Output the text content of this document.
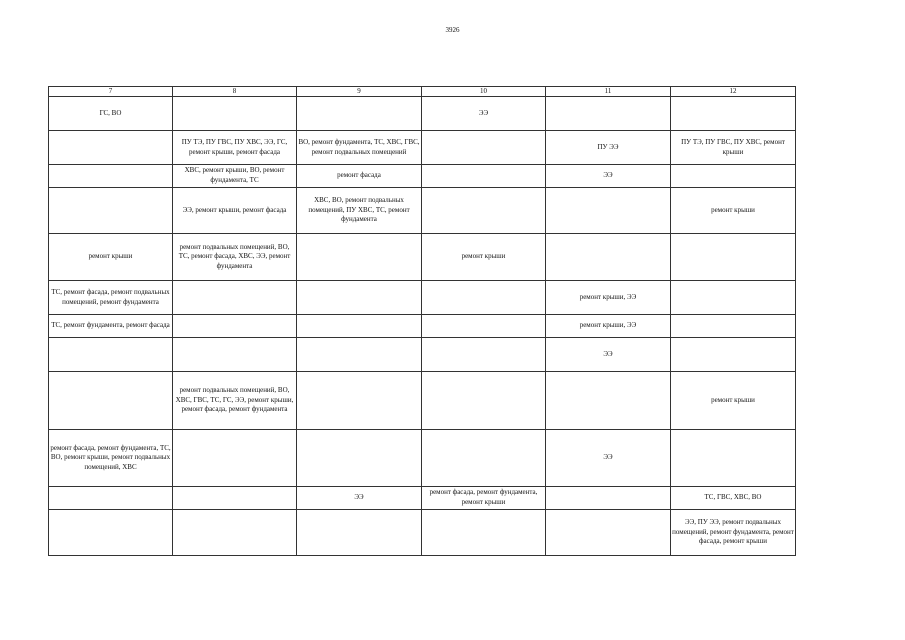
3926
7	8	9	10	11	12
ГС, ВО			ЭЭ		
	ПУ ТЭ, ПУ ГВС, ПУ ХВС, ЭЭ, ГС, ремонт крыши, ремонт фасада	ВО, ремонт фундамента, ТС, ХВС, ГВС, ремонт подвальных помещений		ПУ ЭЭ	ПУ ТЭ, ПУ ГВС, ПУ ХВС, ремонт крыши
	ХВС, ремонт крыши, ВО, ремонт фундамента, ТС	ремонт фасада		ЭЭ	
	ЭЭ, ремонт крыши, ремонт фасада	ХВС, ВО, ремонт подвальных помещений, ПУ ХВС, ТС, ремонт фундамента			ремонт крыши
ремонт крыши	ремонт подвальных помещений, ВО, ТС, ремонт фасада, ХВС, ЭЭ, ремонт фундамента		ремонт крыши		
ТС, ремонт фасада, ремонт подвальных помещений, ремонт фундамента				ремонт крыши, ЭЭ	
ТС, ремонт фундамента, ремонт фасада				ремонт крыши, ЭЭ	
				ЭЭ	
	ремонт подвальных помещений, ВО, ХВС, ГВС, ТС, ГС, ЭЭ, ремонт крыши, ремонт фасада, ремонт фундамента				ремонт крыши
ремонт фасада, ремонт фундамента, ТС, ВО, ремонт крыши, ремонт подвальных помещений, ХВС				ЭЭ	
		ЭЭ	ремонт фасада, ремонт фундамента, ремонт крыши		ТС, ГВС, ХВС, ВО
					ЭЭ, ПУ ЭЭ, ремонт подвальных помещений, ремонт фундамента, ремонт фасада, ремонт крыши
